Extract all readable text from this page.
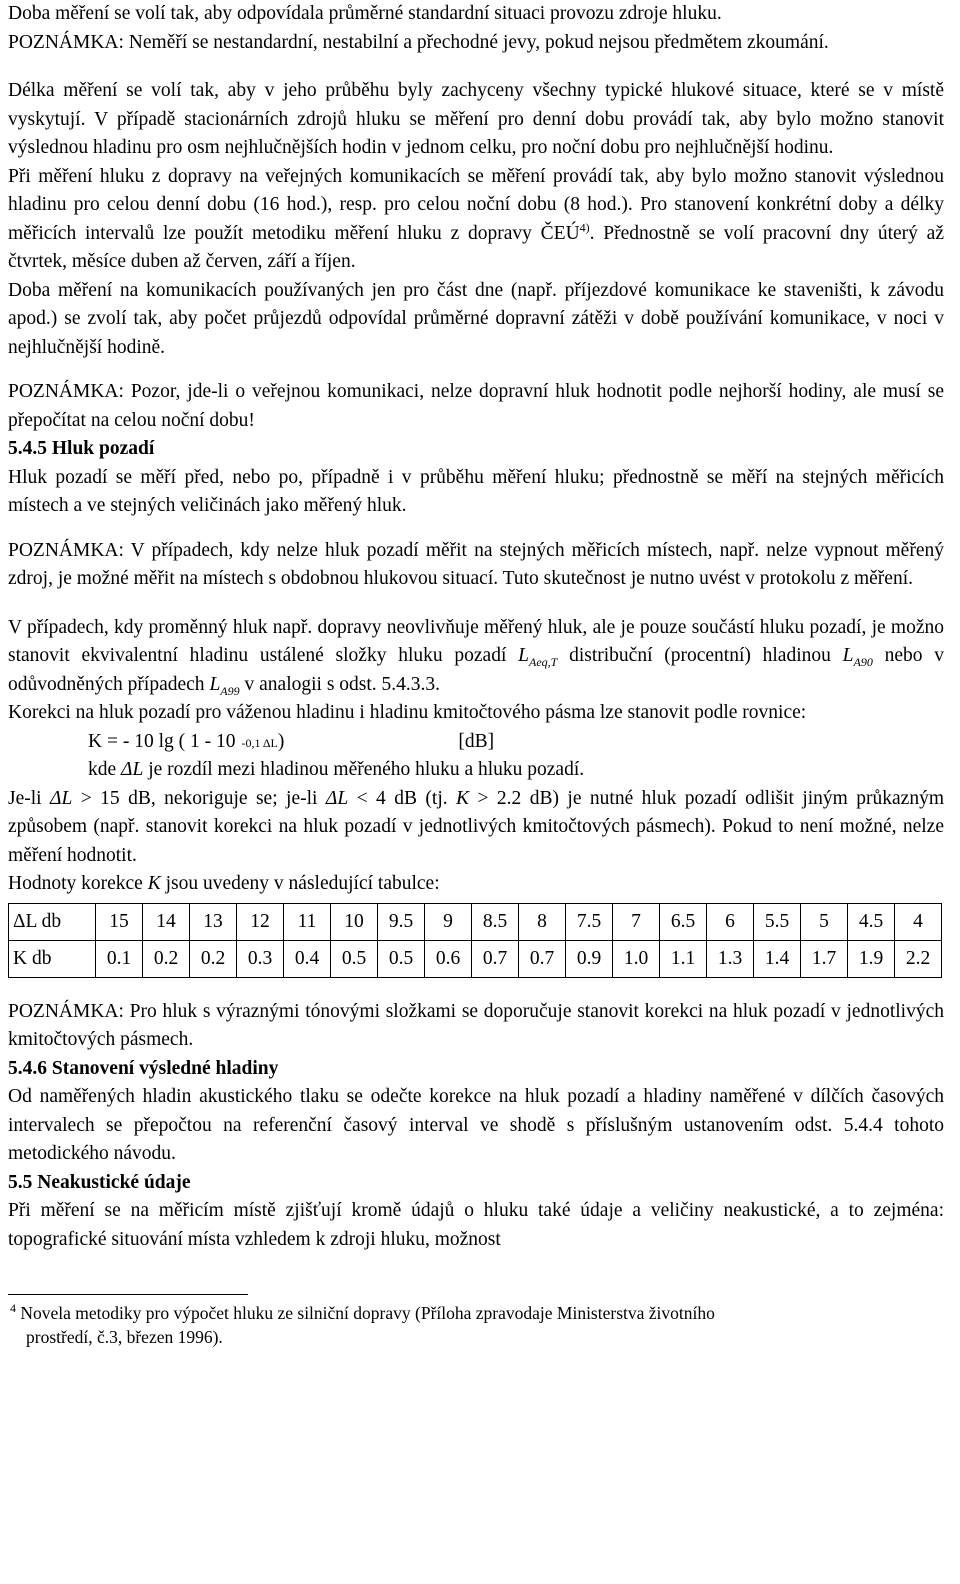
Doba měření se volí tak, aby odpovídala průměrné standardní situaci provozu zdroje hluku.

POZNÁMKA: Neměří se nestandardní, nestabilní a přechodné jevy, pokud nejsou předmětem zkoumání.

Délka měření se volí tak, aby v jeho průběhu byly zachyceny všechny typické hlukové situace, které se v místě vyskytují. V případě stacionárních zdrojů hluku se měření pro denní dobu provádí tak, aby bylo možno stanovit výslednou hladinu pro osm nejhlučnějších hodin v jednom celku, pro noční dobu pro nejhlučnější hodinu.

Při měření hluku z dopravy na veřejných komunikacích se měření provádí tak, aby bylo možno stanovit výslednou hladinu pro celou denní dobu (16 hod.), resp. pro celou noční dobu (8 hod.). Pro stanovení konkrétní doby a délky měřicích intervalů lze použít metodiku měření hluku z dopravy ČEÚ$^{4)}$. Přednostně se volí pracovní dny úterý až čtvrtek, měsíce duben až červen, září a říjen.

Doba měření na komunikacích používaných jen pro část dne (např. příjezdové komunikace ke staveništi, k závodu apod.) se zvolí tak, aby počet průjezdů odpovídal průměrné dopravní zátěži v době používání komunikace, v noci v nejhlučnější hodině.

POZNÁMKA: Pozor, jde-li o veřejnou komunikaci, nelze dopravní hluk hodnotit podle nejhorší hodiny, ale musí se přepočítat na celou noční dobu!

5.4.5 Hluk pozadí

Hluk pozadí se měří před, nebo po, případně i v průběhu měření hluku; přednostně se měří na stejných měřicích místech a ve stejných veličinách jako měřený hluk.

POZNÁMKA: V případech, kdy nelze hluk pozadí měřit na stejných měřicích místech, např. nelze vypnout měřený zdroj, je možné měřit na místech s obdobnou hlukovou situací. Tuto skutečnost je nutno uvést v protokolu z měření.

V případech, kdy proměnný hluk např. dopravy neovlivňuje měřený hluk, ale je pouze součástí hluku pozadí, je možno stanovit ekvivalentní hladinu ustálené složky hluku pozadí $L_{Aeq,T}$ distribuční (procentní) hladinou $L_{A90}$ nebo v odůvodněných případech $L_{A99}$ v analogii s odst. 5.4.3.3.

Korekci na hluk pozadí pro váženou hladinu i hladinu kmitočtového pásma lze stanovit podle rovnice:

K = - 10 lg ( 1 - 10 -0,1 ΔL )	[dB]

kde ΔL je rozdíl mezi hladinou měřeného hluku a hluku pozadí.

Je-li ΔL > 15 dB, nekoriguje se; je-li ΔL < 4 dB (tj. K > 2.2 dB) je nutné hluk pozadí odlišit jiným průkazným způsobem (např. stanovit korekci na hluk pozadí v jednotlivých kmitočtových pásmech). Pokud to není možné, nelze měření hodnotit.

Hodnoty korekce K jsou uvedeny v následující tabulce:

ΔL db	15	14	13	12	11	10	9.5	9	8.5	8	7.5	7	6.5	6	5.5	5	4.5	4
K db	0.1	0.2	0.2	0.3	0.4	0.5	0.5	0.6	0.7	0.7	0.9	1.0	1.1	1.3	1.4	1.7	1.9	2.2

POZNÁMKA: Pro hluk s výraznými tónovými složkami se doporučuje stanovit korekci na hluk pozadí v jednotlivých kmitočtových pásmech.

5.4.6 Stanovení výsledné hladiny

Od naměřených hladin akustického tlaku se odečte korekce na hluk pozadí a hladiny naměřené v dílčích časových intervalech se přepočtou na referenční časový interval ve shodě s příslušným ustanovením odst. 5.4.4 tohoto metodického návodu.

5.5 Neakustické údaje

Při měření se na měřicím místě zjišťují kromě údajů o hluku také údaje a veličiny neakustické, a to zejména: topografické situování místa vzhledem k zdroji hluku, možnost

$^4$ Novela metodiky pro výpočet hluku ze silniční dopravy (Příloha zpravodaje Ministerstva životního
prostředí, č.3, březen 1996).
